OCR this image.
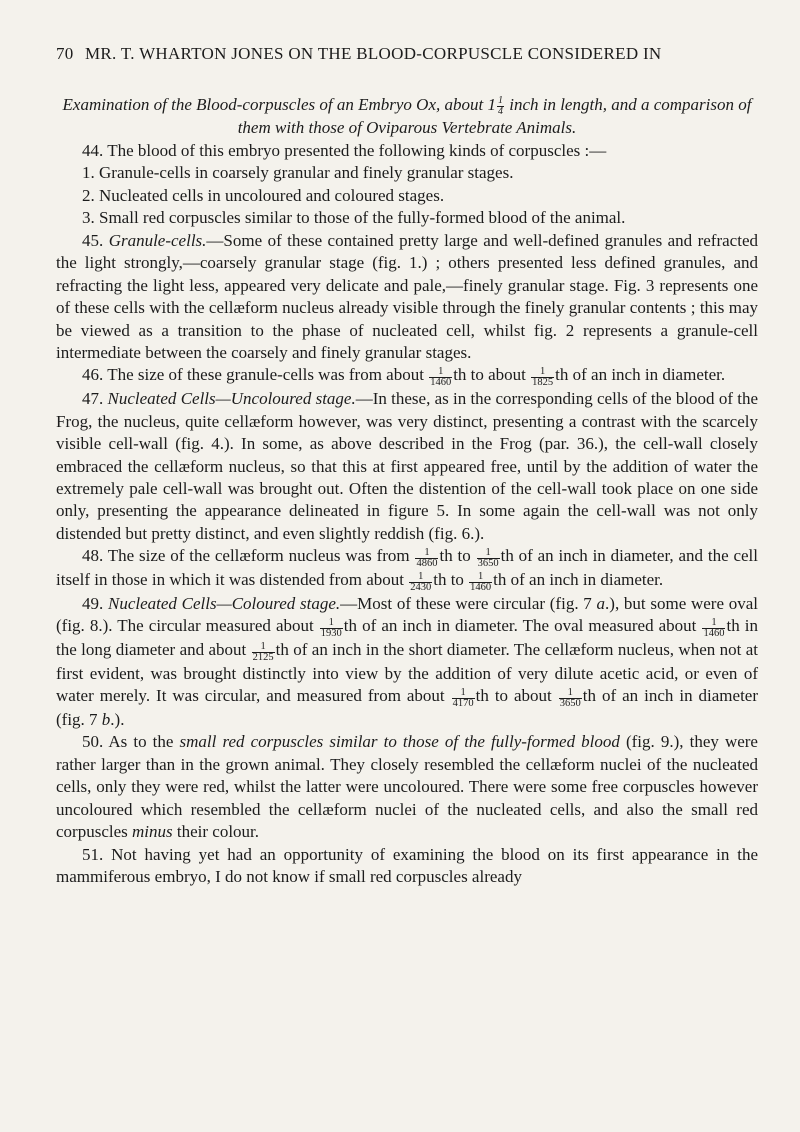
70 MR. T. WHARTON JONES ON THE BLOOD-CORPUSCLE CONSIDERED IN
Examination of the Blood-corpuscles of an Embryo Ox, about $1 \frac{1}{4}$ inch in length, and a comparison of them with those of Oviparous Vertebrate Animals.

44. The blood of this embryo presented the following kinds of corpuscles :—

1. Granule-cells in coarsely granular and finely granular stages.

2. Nucleated cells in uncoloured and coloured stages.

3. Small red corpuscles similar to those of the fully-formed blood of the animal.

45. Granule-cells.—Some of these contained pretty large and well-defined granules and refracted the light strongly,—coarsely granular stage (fig. 1.) ; others presented less defined granules, and refracting the light less, appeared very delicate and pale,—finely granular stage. Fig. 3 represents one of these cells with the cellæform nucleus already visible through the finely granular contents ; this may be viewed as a transition to the phase of nucleated cell, whilst fig. 2 represents a granule-cell intermediate between the coarsely and finely granular stages.

46. The size of these granule-cells was from about $\frac{1}{1460}$ th to about $\frac{1}{1825}$ th of an inch in diameter.

47. Nucleated Cells—Uncoloured stage.—In these, as in the corresponding cells of the blood of the Frog, the nucleus, quite cellæform however, was very distinct, presenting a contrast with the scarcely visible cell-wall (fig. 4.). In some, as above described in the Frog (par. 36.), the cell-wall closely embraced the cellæform nucleus, so that this at first appeared free, until by the addition of water the extremely pale cell-wall was brought out. Often the distention of the cell-wall took place on one side only, presenting the appearance delineated in figure 5. In some again the cell-wall was not only distended but pretty distinct, and even slightly reddish (fig. 6.).

48. The size of the cellæform nucleus was from $\frac{1}{4860}$ th to $\frac{1}{3650}$ th of an inch in diameter, and the cell itself in those in which it was distended from about $\frac{1}{2430}$ th to $\frac{1}{1460}$ th of an inch in diameter.

49. Nucleated Cells—Coloured stage.—Most of these were circular (fig. 7 a.), but some were oval (fig. 8.). The circular measured about $\frac{1}{1930}$ th of an inch in diameter. The oval measured about $\frac{1}{1460}$ th in the long diameter and about $\frac{1}{2125}$ th of an inch in the short diameter. The cellæform nucleus, when not at first evident, was brought distinctly into view by the addition of very dilute acetic acid, or even of water merely. It was circular, and measured from about $\frac{1}{4170}$ th to about $\frac{1}{3650}$ th of an inch in diameter (fig. 7 b.).

50. As to the small red corpuscles similar to those of the fully-formed blood (fig. 9.), they were rather larger than in the grown animal. They closely resembled the cellæform nuclei of the nucleated cells, only they were red, whilst the latter were uncoloured. There were some free corpuscles however uncoloured which resembled the cellæform nuclei of the nucleated cells, and also the small red corpuscles minus their colour.

51. Not having yet had an opportunity of examining the blood on its first appearance in the mammiferous embryo, I do not know if small red corpuscles already
